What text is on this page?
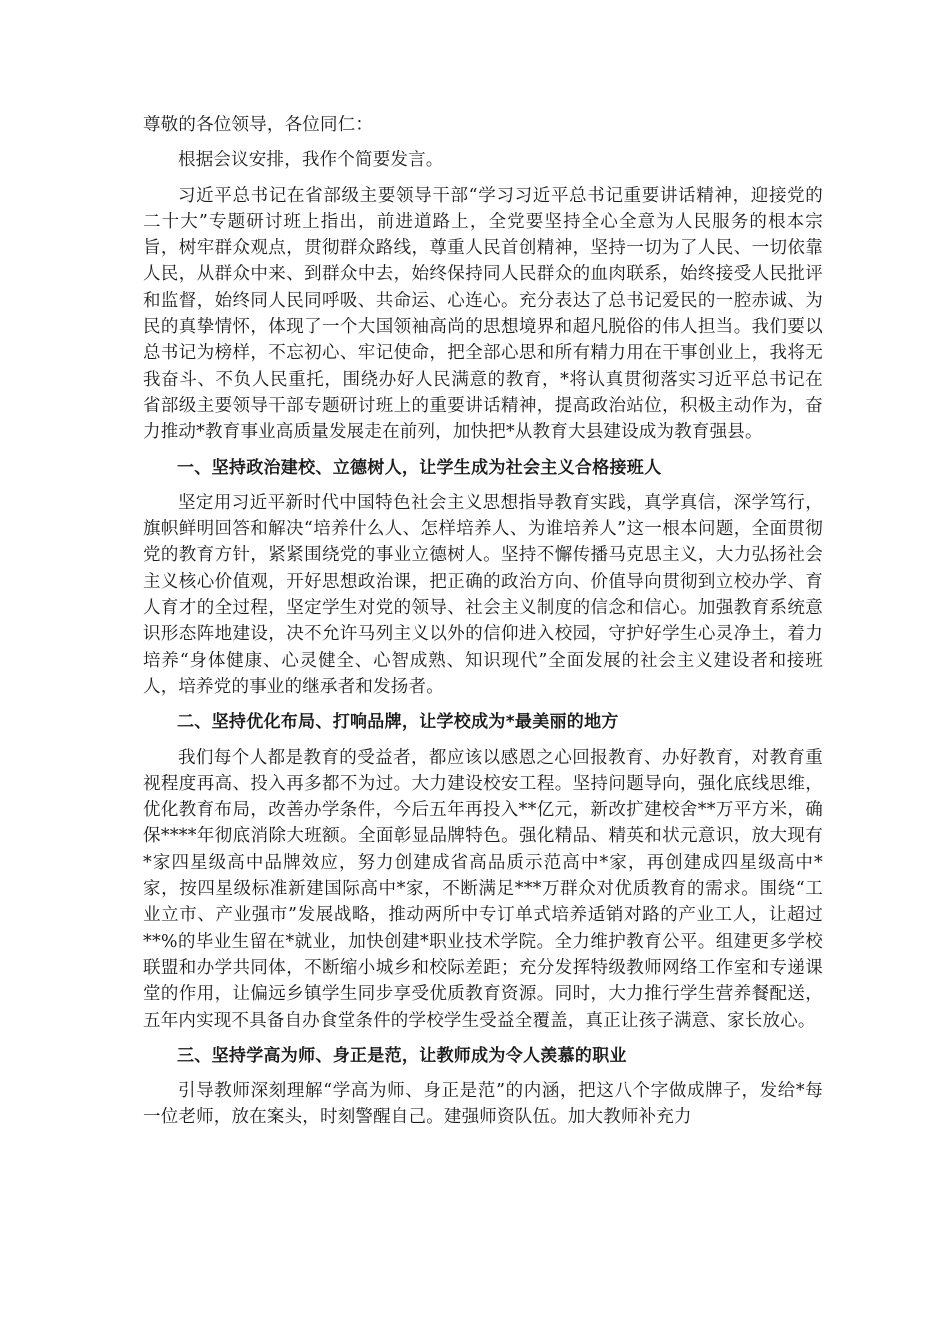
尊敬的各位领导，各位同仁：

根据会议安排，我作个简要发言。

习近平总书记在省部级主要领导干部“学习习近平总书记重要讲话精神，迎接党的二十大”专题研讨班上指出，前进道路上，全党要坚持全心全意为人民服务的根本宗旨，树牢群众观点，贯彻群众路线，尊重人民首创精神，坚持一切为了人民、一切依靠人民，从群众中来、到群众中去，始终保持同人民群众的血肉联系，始终接受人民批评和监督，始终同人民同呼吸、共命运、心连心。充分表达了总书记爱民的一腔赤诚、为民的真挚情怀，体现了一个大国领袖高尚的思想境界和超凡脱俗的伟人担当。我们要以总书记为榜样，不忘初心、牢记使命，把全部心思和所有精力用在干事创业上，我将无我奋斗、不负人民重托，围绕办好人民满意的教育，*将认真贯彻落实习近平总书记在省部级主要领导干部专题研讨班上的重要讲话精神，提高政治站位，积极主动作为，奋力推动*教育事业高质量发展走在前列，加快把*从教育大县建设成为教育强县。

一、坚持政治建校、立德树人，让学生成为社会主义合格接班人

坚定用习近平新时代中国特色社会主义思想指导教育实践，真学真信，深学笃行，旗帜鲜明回答和解决“培养什么人、怎样培养人、为谁培养人”这一根本问题，全面贯彻党的教育方针，紧紧围绕党的事业立德树人。坚持不懈传播马克思主义，大力弘扬社会主义核心价值观，开好思想政治课，把正确的政治方向、价值导向贯彻到立校办学、育人育才的全过程，坚定学生对党的领导、社会主义制度的信念和信心。加强教育系统意识形态阵地建设，决不允许马列主义以外的信仰进入校园，守护好学生心灵净土，着力培养“身体健康、心灵健全、心智成熟、知识现代”全面发展的社会主义建设者和接班人，培养党的事业的继承者和发扬者。

二、坚持优化布局、打响品牌，让学校成为*最美丽的地方

我们每个人都是教育的受益者，都应该以感恩之心回报教育、办好教育，对教育重视程度再高、投入再多都不为过。大力建设校安工程。坚持问题导向，强化底线思维，优化教育布局，改善办学条件，今后五年再投入**亿元，新改扩建校舍**万平方米，确保****年彻底消除大班额。全面彰显品牌特色。强化精品、精英和状元意识，放大现有*家四星级高中品牌效应，努力创建成省高品质示范高中*家，再创建成四星级高中*家，按四星级标准新建国际高中*家，不断满足***万群众对优质教育的需求。围绕“工业立市、产业强市”发展战略，推动两所中专订单式培养适销对路的产业工人，让超过**%的毕业生留在*就业，加快创建*职业技术学院。全力维护教育公平。组建更多学校联盟和办学共同体，不断缩小城乡和校际差距；充分发挥特级教师网络工作室和专递课堂的作用，让偏远乡镇学生同步享受优质教育资源。同时，大力推行学生营养餐配送，五年内实现不具备自办食堂条件的学校学生受益全覆盖，真正让孩子满意、家长放心。

三、坚持学高为师、身正是范，让教师成为令人羡慕的职业

引导教师深刻理解“学高为师、身正是范”的内涵，把这八个字做成牌子，发给*每一位老师，放在案头，时刻警醒自己。建强师资队伍。加大教师补充力
